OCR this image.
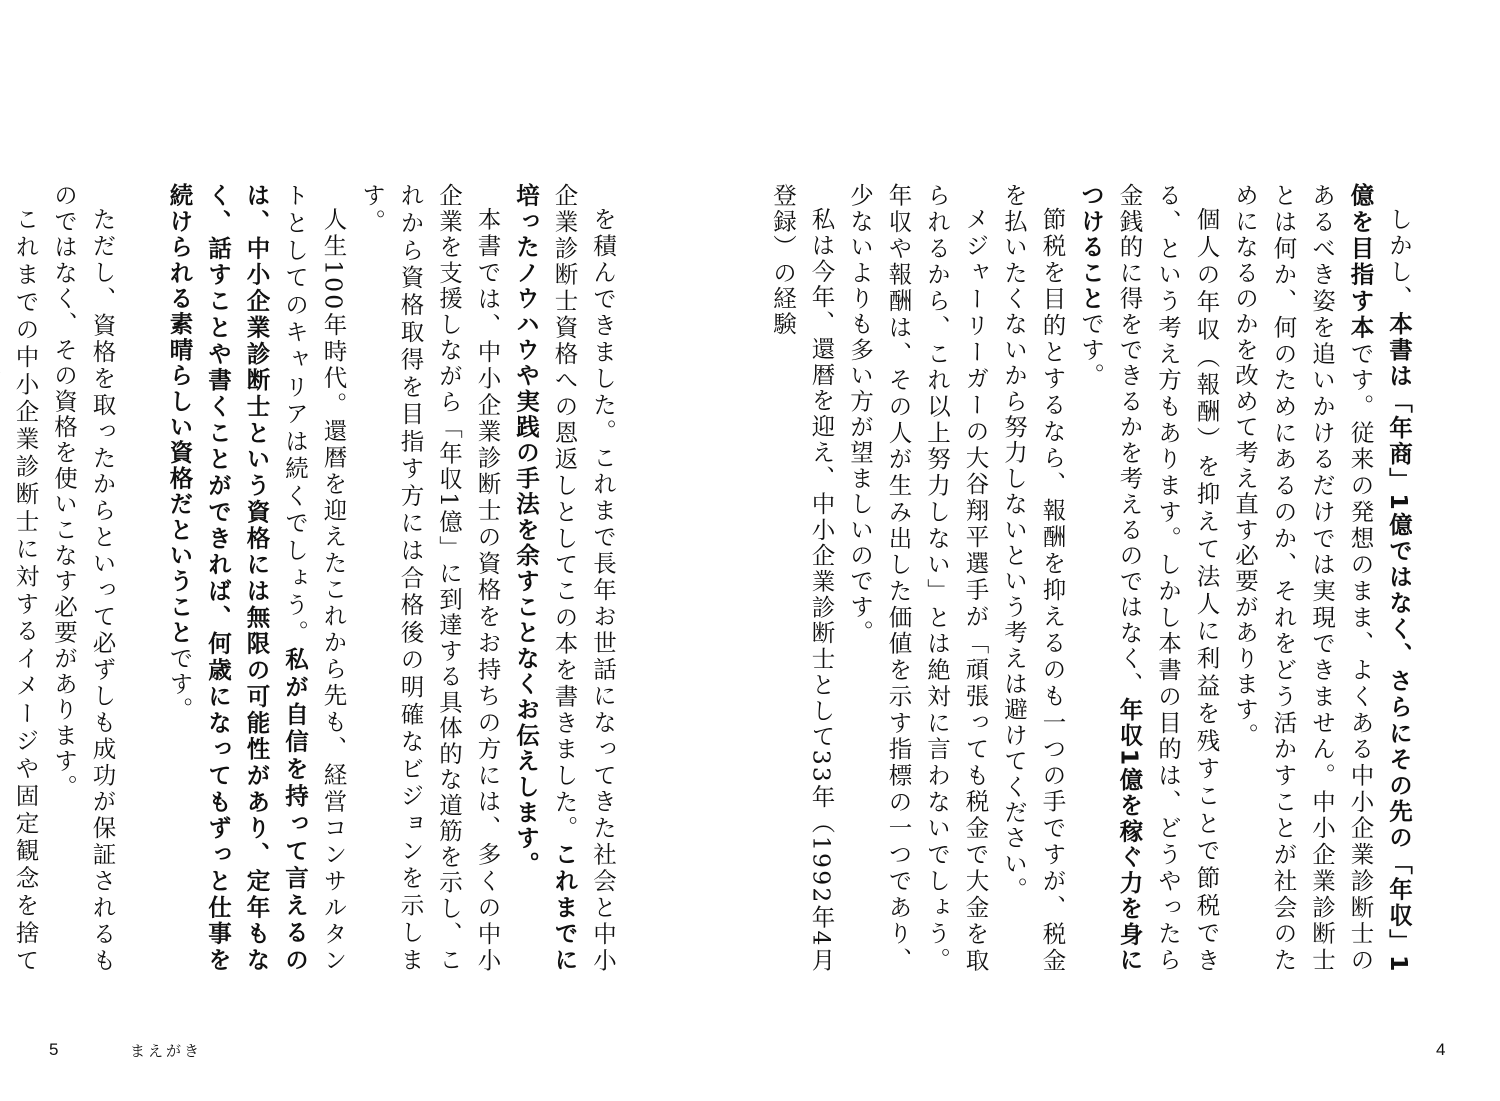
を積んできました。これまで長年お世話になってきた社会と中小企業診断士資格への恩返しとしてこの本を書きました。これまでに培ったノウハウや実践の手法を余すことなくお伝えします。

本書では、中小企業診断士の資格をお持ちの方には、多くの中小企業を支援しながら「年収1億」に到達する具体的な道筋を示し、これから資格取得を目指す方には合格後の明確なビジョンを示します。

人生100年時代。還暦を迎えたこれから先も、経営コンサルタントとしてのキャリアは続くでしょう。私が自信を持って言えるのは、中小企業診断士という資格には無限の可能性があり、定年もなく、話すことや書くことができれば、何歳になってもずっと仕事を続けられる素晴らしい資格だということです。

ただし、資格を取ったからといって必ずしも成功が保証されるものではなく、その資格を使いこなす必要があります。

これまでの中小企業診断士に対するイメージや固定観念を捨て

5	まえがき

しかし、本書は「年商」1億ではなく、さらにその先の「年収」1億を目指す本です。従来の発想のまま、よくある中小企業診断士のあるべき姿を追いかけるだけでは実現できません。中小企業診断士とは何か、何のためにあるのか、それをどう活かすことが社会のためになるのかを改めて考え直す必要があります。

個人の年収（報酬）を抑えて法人に利益を残すことで節税できる、という考え方もあります。しかし本書の目的は、どうやったら金銭的に得をできるかを考えるのではなく、年収1億を稼ぐ力を身につけることです。

節税を目的とするなら、報酬を抑えるのも一つの手ですが、税金を払いたくないから努力しないという考えは避けてください。

メジャーリーガーの大谷翔平選手が「頑張っても税金で大金を取られるから、これ以上努力しない」とは絶対に言わないでしょう。年収や報酬は、その人が生み出した価値を示す指標の一つであり、少ないよりも多い方が望ましいのです。

私は今年、還暦を迎え、中小企業診断士として33年（1992年4月登録）の経験

4
